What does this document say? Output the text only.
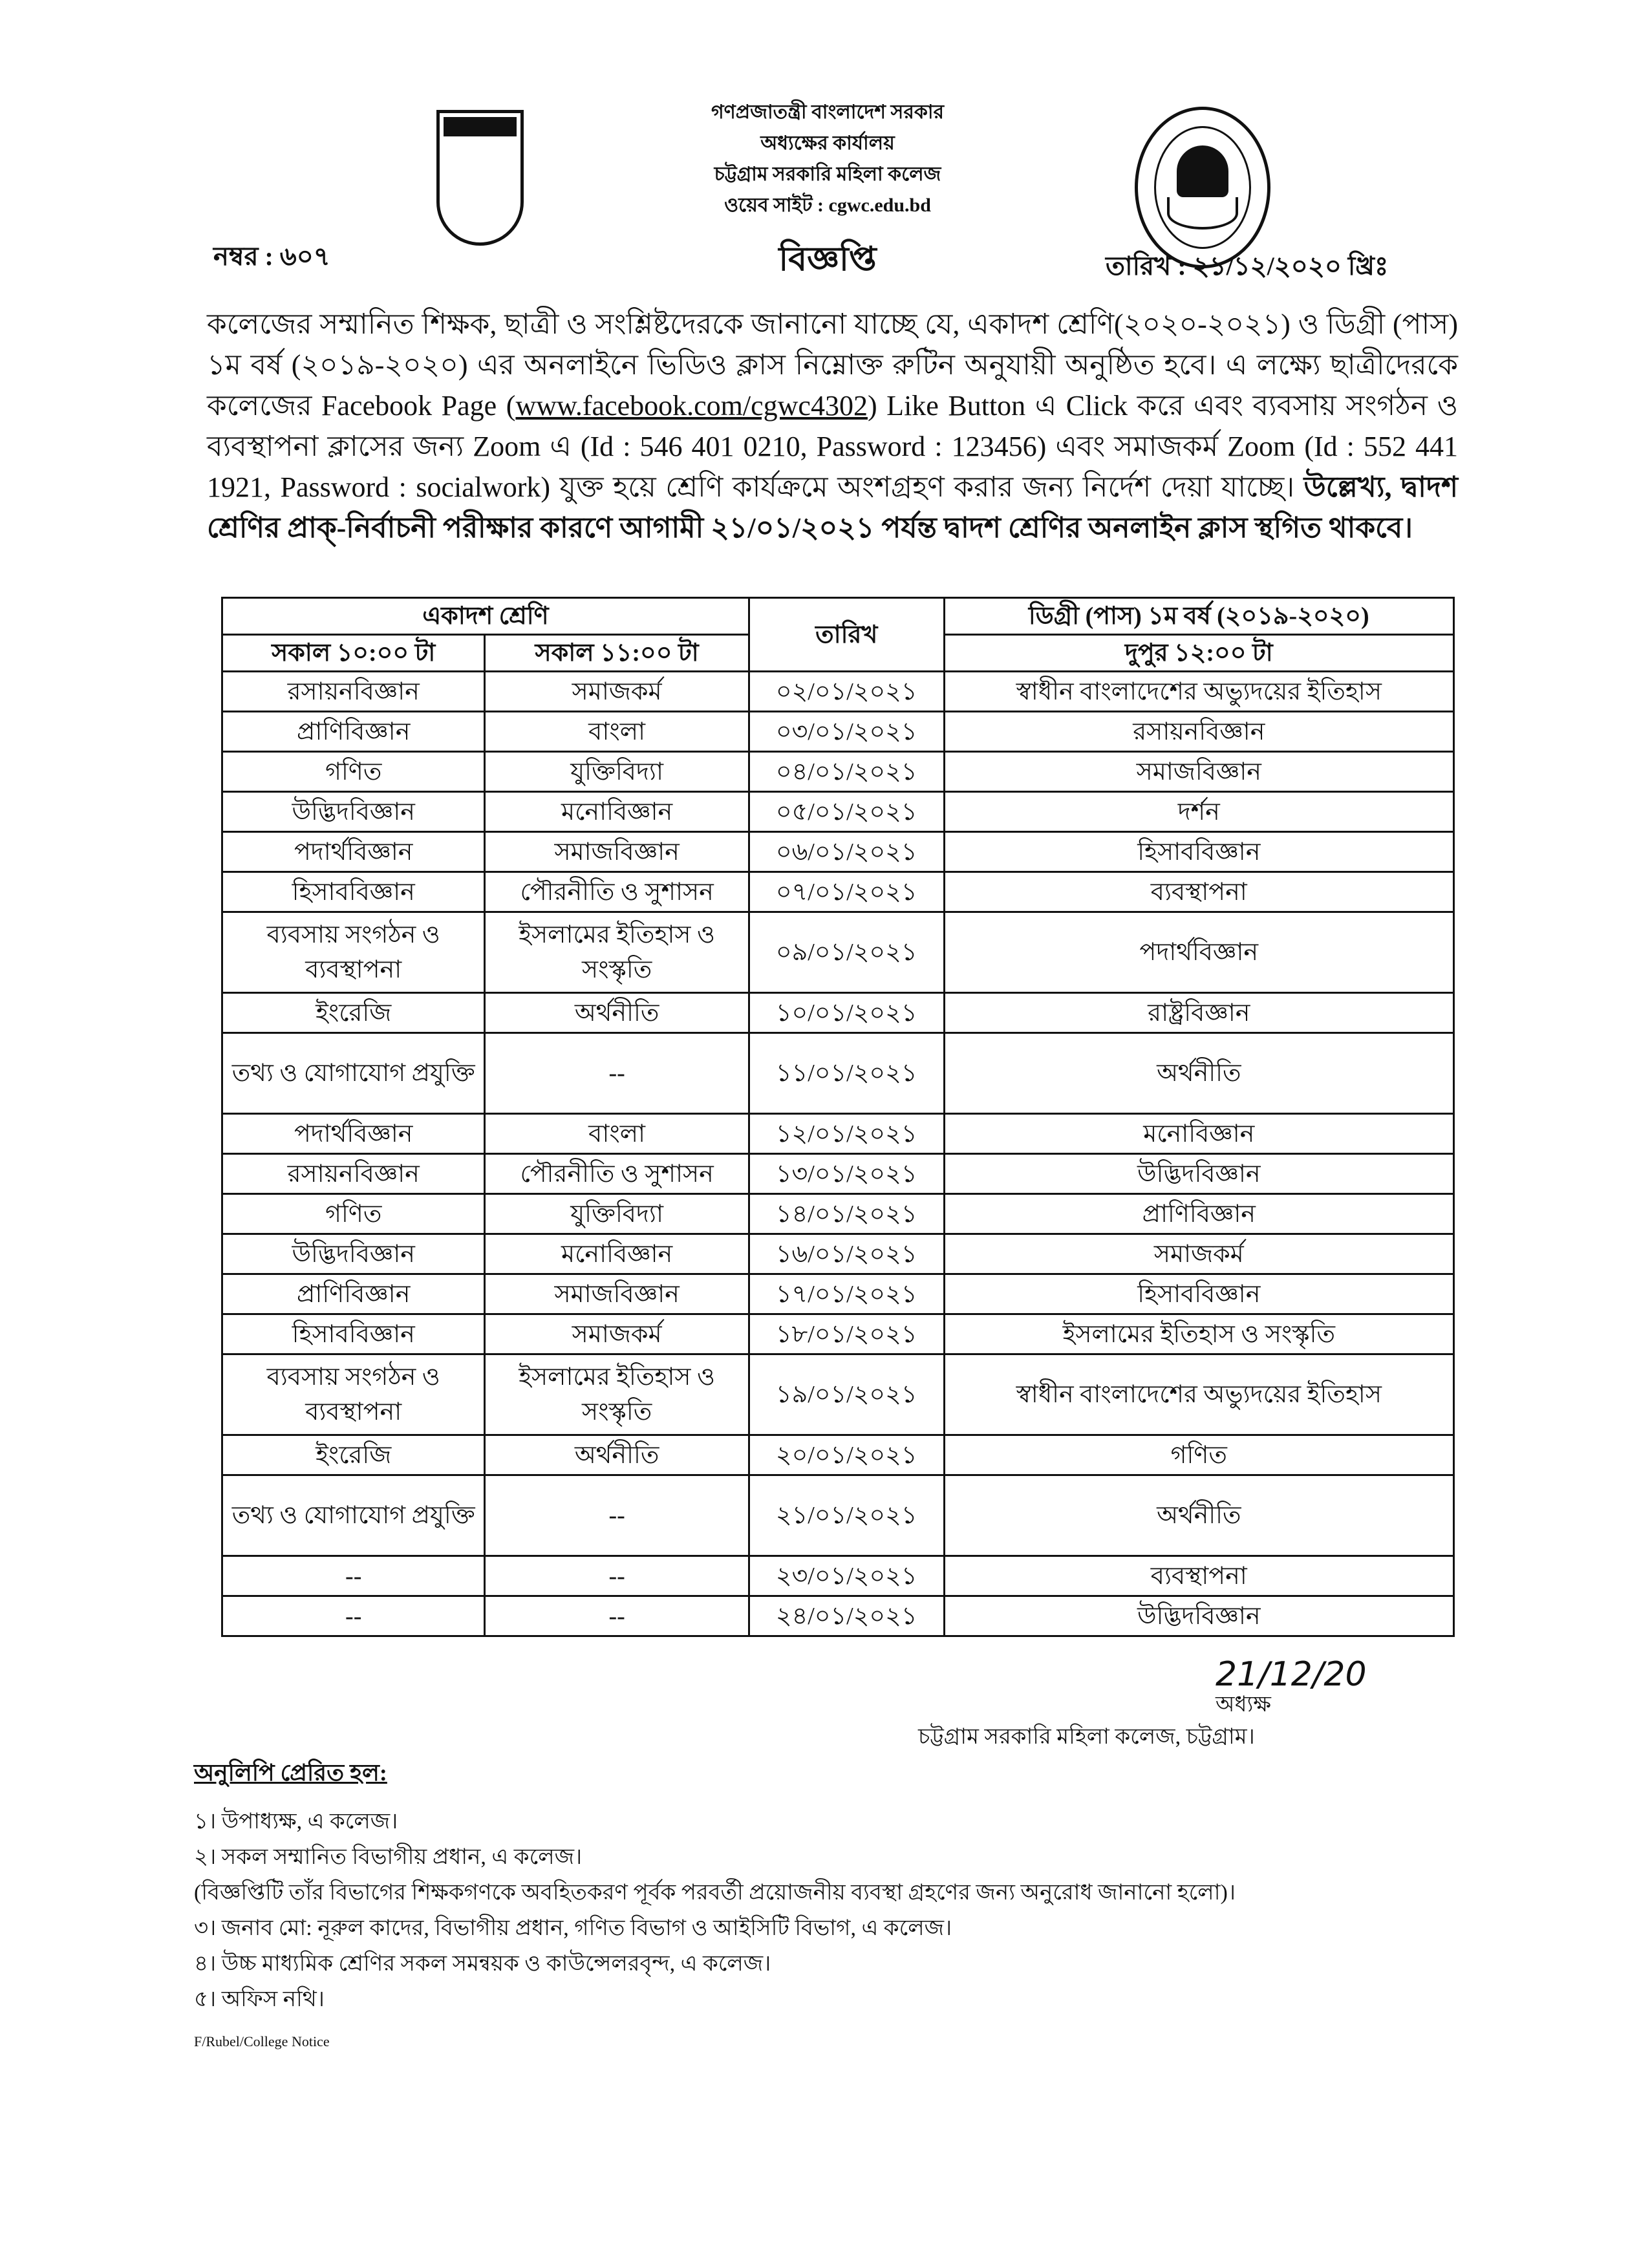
গণপ্রজাতন্ত্রী বাংলাদেশ সরকার
অধ্যক্ষের কার্যালয়
চট্টগ্রাম সরকারি মহিলা কলেজ
ওয়েব সাইট : cgwc.edu.bd
নম্বর : ৬০৭	বিজ্ঞপ্তি	তারিখ : ২১/১২/২০২০ খ্রিঃ
কলেজের সম্মানিত শিক্ষক, ছাত্রী ও সংশ্লিষ্টদেরকে জানানো যাচ্ছে যে, একাদশ শ্রেণি(২০২০-২০২১) ও ডিগ্রী (পাস) ১ম বর্ষ (২০১৯-২০২০) এর অনলাইনে ভিডিও ক্লাস নিম্নোক্ত রুটিন অনুযায়ী অনুষ্ঠিত হবে। এ লক্ষ্যে ছাত্রীদেরকে কলেজের Facebook Page (www.facebook.com/cgwc4302) Like Button এ Click করে এবং ব্যবসায় সংগঠন ও ব্যবস্থাপনা ক্লাসের জন্য Zoom এ (Id : 546 401 0210, Password : 123456) এবং সমাজকর্ম Zoom (Id : 552 441 1921, Password : socialwork) যুক্ত হয়ে শ্রেণি কার্যক্রমে অংশগ্রহণ করার জন্য নির্দেশ দেয়া যাচ্ছে। উল্লেখ্য, দ্বাদশ শ্রেণির প্রাক্-নির্বাচনী পরীক্ষার কারণে আগামী ২১/০১/২০২১ পর্যন্ত দ্বাদশ শ্রেণির অনলাইন ক্লাস স্থগিত থাকবে।
একাদশ শ্রেণি		তারিখ	ডিগ্রী (পাস) ১ম বর্ষ (২০১৯-২০২০)
সকাল ১০:০০ টা	সকাল ১১:০০ টা		দুপুর ১২:০০ টা
রসায়নবিজ্ঞান	সমাজকর্ম	০২/০১/২০২১	স্বাধীন বাংলাদেশের অভ্যুদয়ের ইতিহাস
প্রাণিবিজ্ঞান	বাংলা	০৩/০১/২০২১	রসায়নবিজ্ঞান
গণিত	যুক্তিবিদ্যা	০৪/০১/২০২১	সমাজবিজ্ঞান
উদ্ভিদবিজ্ঞান	মনোবিজ্ঞান	০৫/০১/২০২১	দর্শন
পদার্থবিজ্ঞান	সমাজবিজ্ঞান	০৬/০১/২০২১	হিসাববিজ্ঞান
হিসাববিজ্ঞান	পৌরনীতি ও সুশাসন	০৭/০১/২০২১	ব্যবস্থাপনা
ব্যবসায় সংগঠন ও ব্যবস্থাপনা	ইসলামের ইতিহাস ও সংস্কৃতি	০৯/০১/২০২১	পদার্থবিজ্ঞান
ইংরেজি	অর্থনীতি	১০/০১/২০২১	রাষ্ট্রবিজ্ঞান
তথ্য ও যোগাযোগ প্রযুক্তি	--	১১/০১/২০২১	অর্থনীতি
পদার্থবিজ্ঞান	বাংলা	১২/০১/২০২১	মনোবিজ্ঞান
রসায়নবিজ্ঞান	পৌরনীতি ও সুশাসন	১৩/০১/২০২১	উদ্ভিদবিজ্ঞান
গণিত	যুক্তিবিদ্যা	১৪/০১/২০২১	প্রাণিবিজ্ঞান
উদ্ভিদবিজ্ঞান	মনোবিজ্ঞান	১৬/০১/২০২১	সমাজকর্ম
প্রাণিবিজ্ঞান	সমাজবিজ্ঞান	১৭/০১/২০২১	হিসাববিজ্ঞান
হিসাববিজ্ঞান	সমাজকর্ম	১৮/০১/২০২১	ইসলামের ইতিহাস ও সংস্কৃতি
ব্যবসায় সংগঠন ও ব্যবস্থাপনা	ইসলামের ইতিহাস ও সংস্কৃতি	১৯/০১/২০২১	স্বাধীন বাংলাদেশের অভ্যুদয়ের ইতিহাস
ইংরেজি	অর্থনীতি	২০/০১/২০২১	গণিত
তথ্য ও যোগাযোগ প্রযুক্তি	--	২১/০১/২০২১	অর্থনীতি
--	--	২৩/০১/২০২১	ব্যবস্থাপনা
--	--	২৪/০১/২০২১	উদ্ভিদবিজ্ঞান
21/12/20
অধ্যক্ষ
চট্টগ্রাম সরকারি মহিলা কলেজ, চট্টগ্রাম।
অনুলিপি প্রেরিত হল:
১। উপাধ্যক্ষ, এ কলেজ।
২। সকল সম্মানিত বিভাগীয় প্রধান, এ কলেজ।
(বিজ্ঞপ্তিটি তাঁর বিভাগের শিক্ষকগণকে অবহিতকরণ পূর্বক পরবর্তী প্রয়োজনীয় ব্যবস্থা গ্রহণের জন্য অনুরোধ জানানো হলো)।
৩। জনাব মো: নূরুল কাদের, বিভাগীয় প্রধান, গণিত বিভাগ ও আইসিটি বিভাগ, এ কলেজ।
৪। উচ্চ মাধ্যমিক শ্রেণির সকল সমন্বয়ক ও কাউন্সেলরবৃন্দ, এ কলেজ।
৫। অফিস নথি।
F/Rubel/College Notice
